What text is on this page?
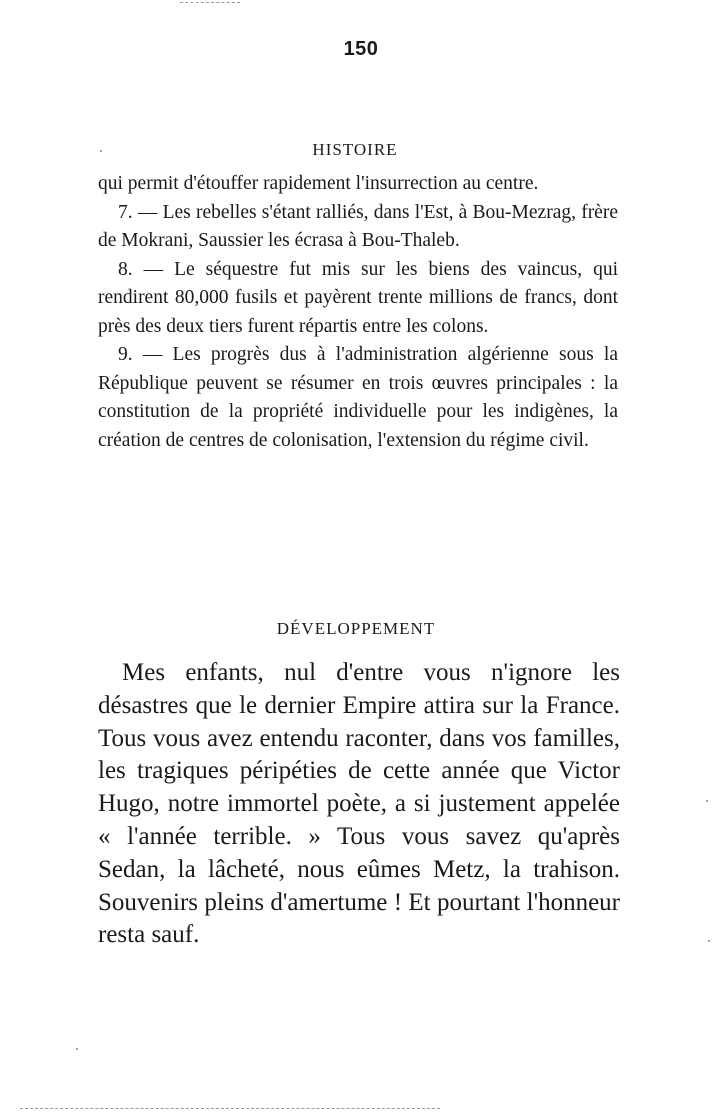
150
HISTOIRE

qui permit d'étouffer rapidement l'insurrection au centre.

7. — Les rebelles s'étant ralliés, dans l'Est, à Bou-Mezrag, frère de Mokrani, Saussier les écrasa à Bou-Thaleb.

8. — Le séquestre fut mis sur les biens des vaincus, qui rendirent 80,000 fusils et payèrent trente millions de francs, dont près des deux tiers furent répartis entre les colons.

9. — Les progrès dus à l'administration algérienne sous la République peuvent se résumer en trois œuvres principales : la constitution de la propriété individuelle pour les indigènes, la création de centres de colonisation, l'extension du régime civil.

DÉVELOPPEMENT

Mes enfants, nul d'entre vous n'ignore les désastres que le dernier Empire attira sur la France. Tous vous avez entendu raconter, dans vos familles, les tragiques péripéties de cette année que Victor Hugo, notre immortel poète, a si justement appelée « l'année terrible. » Tous vous savez qu'après Sedan, la lâcheté, nous eûmes Metz, la trahison. Souvenirs pleins d'amertume ! Et pourtant l'honneur resta sauf.
